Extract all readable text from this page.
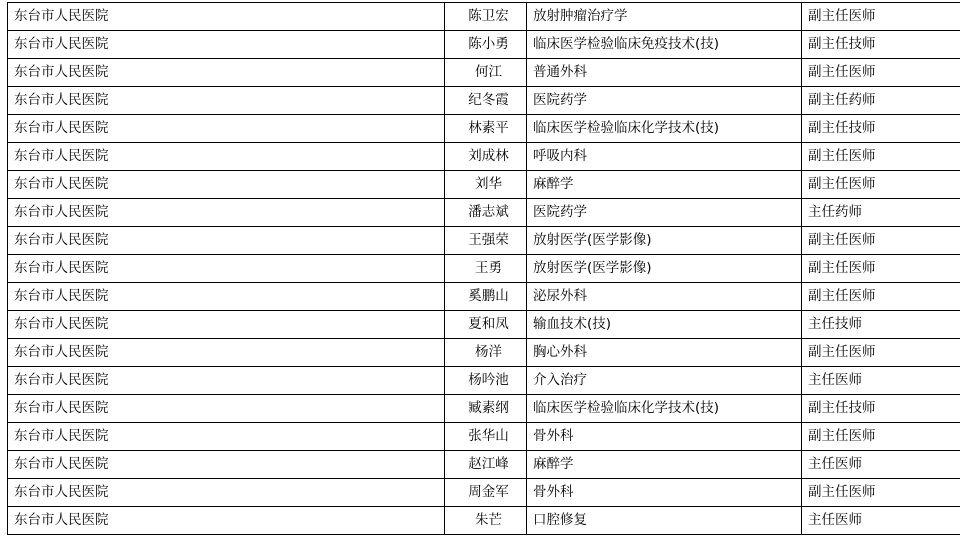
东台市人民医院	陈卫宏	放射肿瘤治疗学	副主任医师
东台市人民医院	陈小勇	临床医学检验临床免疫技术(技)	副主任技师
东台市人民医院	何江	普通外科	副主任医师
东台市人民医院	纪冬霞	医院药学	副主任药师
东台市人民医院	林素平	临床医学检验临床化学技术(技)	副主任技师
东台市人民医院	刘成林	呼吸内科	副主任医师
东台市人民医院	刘华	麻醉学	副主任医师
东台市人民医院	潘志斌	医院药学	主任药师
东台市人民医院	王强荣	放射医学(医学影像)	副主任医师
东台市人民医院	王勇	放射医学(医学影像)	副主任医师
东台市人民医院	奚鹏山	泌尿外科	副主任医师
东台市人民医院	夏和凤	输血技术(技)	主任技师
东台市人民医院	杨洋	胸心外科	副主任医师
东台市人民医院	杨吟池	介入治疗	主任医师
东台市人民医院	臧素纲	临床医学检验临床化学技术(技)	副主任技师
东台市人民医院	张华山	骨外科	副主任医师
东台市人民医院	赵江峰	麻醉学	主任医师
东台市人民医院	周金军	骨外科	副主任医师
东台市人民医院	朱芒	口腔修复	主任医师
